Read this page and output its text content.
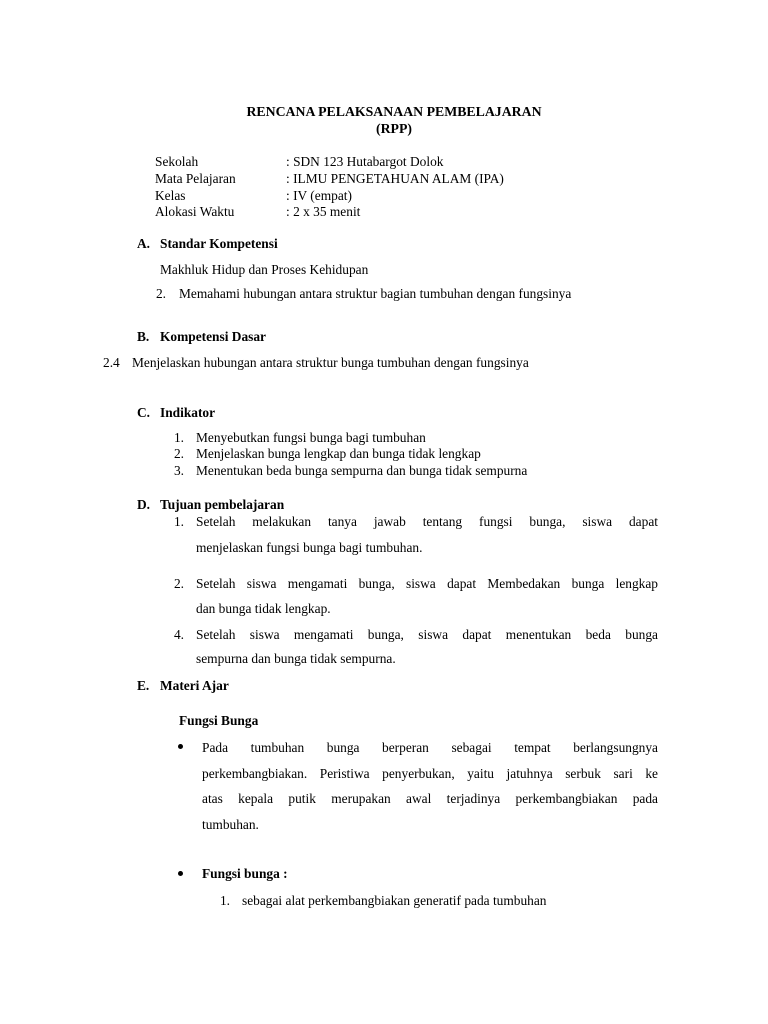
RENCANA PELAKSANAAN PEMBELAJARAN
(RPP)
Sekolah	: SDN 123 Hutabargot Dolok
Mata Pelajaran	: ILMU PENGETAHUAN ALAM (IPA)
Kelas	: IV (empat)
Alokasi Waktu	: 2 x 35 menit
A. Standar Kompetensi
Makhluk Hidup dan Proses Kehidupan
2. Memahami hubungan antara struktur bagian tumbuhan dengan fungsinya
B. Kompetensi Dasar
2.4 Menjelaskan hubungan antara struktur bunga tumbuhan dengan fungsinya
C. Indikator
1. Menyebutkan fungsi bunga bagi tumbuhan
2. Menjelaskan bunga lengkap dan bunga tidak lengkap
3. Menentukan beda bunga sempurna dan bunga tidak sempurna
D. Tujuan pembelajaran
1. Setelah melakukan tanya jawab tentang fungsi bunga, siswa dapat
menjelaskan fungsi bunga bagi tumbuhan.
2. Setelah siswa mengamati bunga, siswa dapat Membedakan bunga lengkap
dan bunga tidak lengkap.
4. Setelah siswa mengamati bunga, siswa dapat menentukan beda bunga
sempurna dan bunga tidak sempurna.
E. Materi Ajar
Fungsi Bunga
Pada tumbuhan bunga berperan sebagai tempat berlangsungnya
perkembangbiakan. Peristiwa penyerbukan, yaitu jatuhnya serbuk sari ke
atas kepala putik merupakan awal terjadinya perkembangbiakan pada
tumbuhan.
Fungsi bunga :
1. sebagai alat perkembangbiakan generatif pada tumbuhan
